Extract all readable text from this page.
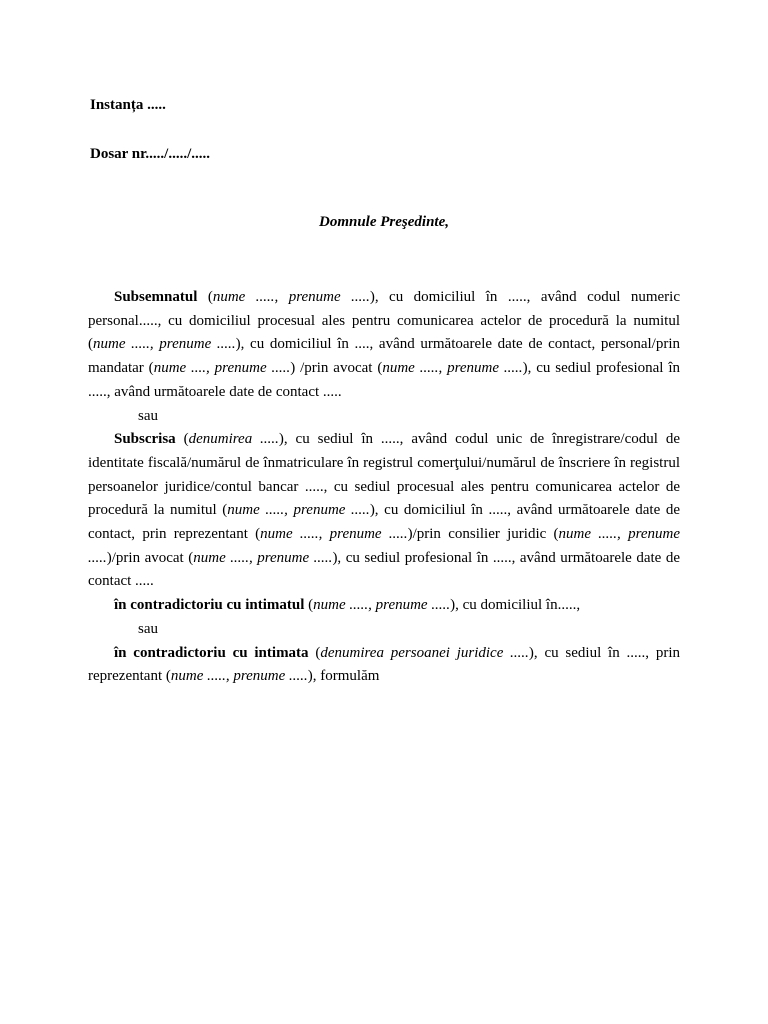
Instanța .....
Dosar nr...../...../.....
Domnule Preşedinte,

Subsemnatul (nume ....., prenume .....), cu domiciliul în ....., având codul numeric personal....., cu domiciliul procesual ales pentru comunicarea actelor de procedură la numitul (nume ....., prenume .....), cu domiciliul în ...., având următoarele date de contact, personal/prin mandatar (nume ...., prenume .....) /prin avocat (nume ....., prenume .....), cu sediul profesional în ....., având următoarele date de contact .....

sau

Subscrisa (denumirea .....), cu sediul în ....., având codul unic de înregistrare/codul de identitate fiscală/numărul de înmatriculare în registrul comerţului/numărul de înscriere în registrul persoanelor juridice/contul bancar ....., cu sediul procesual ales pentru comunicarea actelor de procedură la numitul (nume ....., prenume .....), cu domiciliul în ....., având următoarele date de contact, prin reprezentant (nume ....., prenume .....)/prin consilier juridic (nume ....., prenume .....)/prin avocat (nume ....., prenume .....), cu sediul profesional în ....., având următoarele date de contact .....

în contradictoriu cu intimatul (nume ....., prenume .....), cu domiciliul în.....,

sau

în contradictoriu cu intimata (denumirea persoanei juridice .....), cu sediul în ....., prin reprezentant (nume ....., prenume .....), formulăm
